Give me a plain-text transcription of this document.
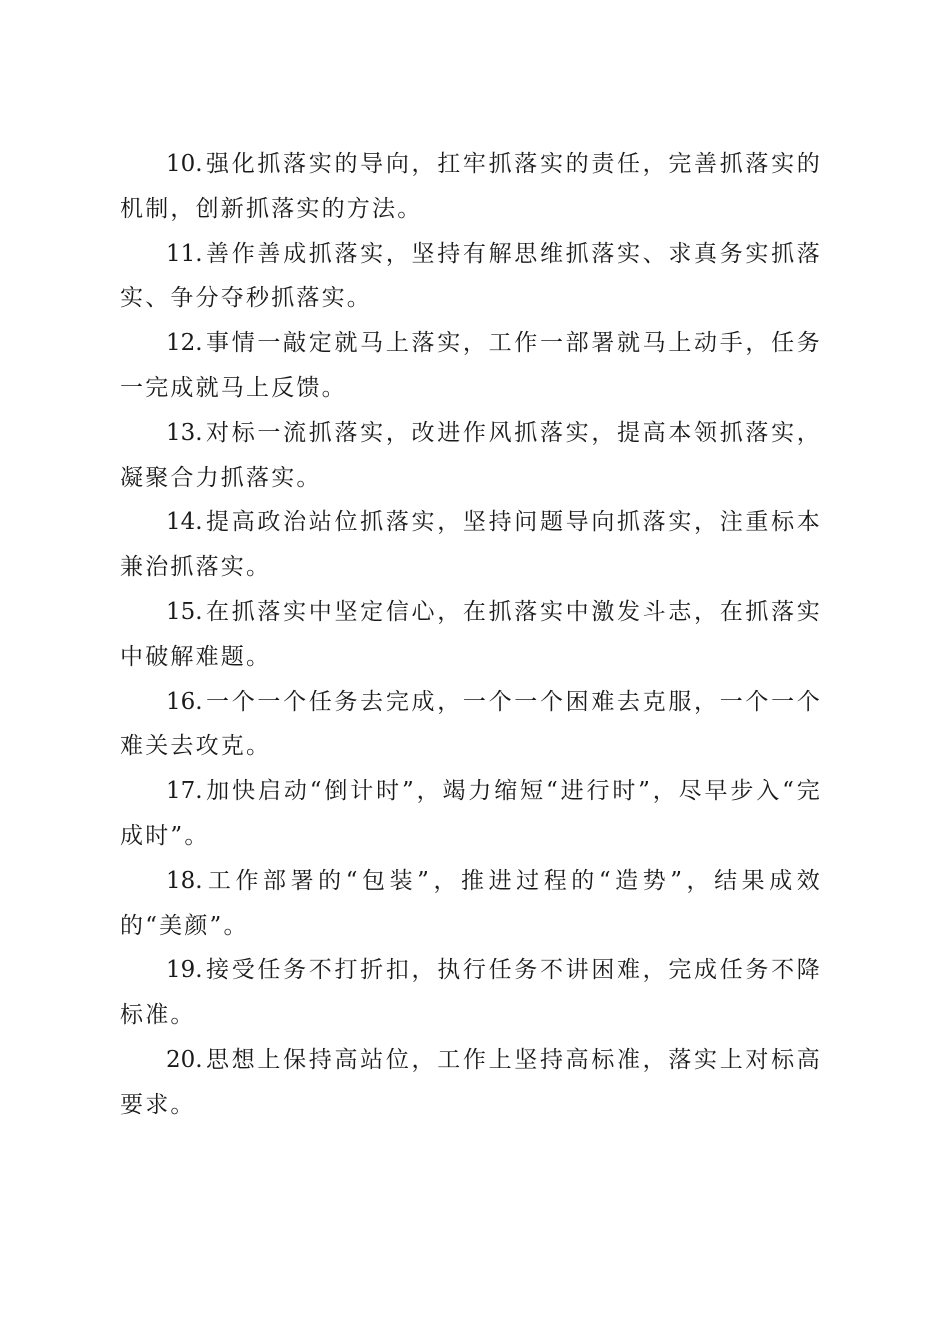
10. 强化抓落实的导向，扛牢抓落实的责任，完善抓落实的机制，创新抓落实的方法。

11. 善作善成抓落实，坚持有解思维抓落实、求真务实抓落实、争分夺秒抓落实。

12. 事情一敲定就马上落实，工作一部署就马上动手，任务一完成就马上反馈。

13. 对标一流抓落实，改进作风抓落实，提高本领抓落实，凝聚合力抓落实。

14. 提高政治站位抓落实，坚持问题导向抓落实，注重标本兼治抓落实。

15. 在抓落实中坚定信心，在抓落实中激发斗志，在抓落实中破解难题。

16. 一个一个任务去完成，一个一个困难去克服，一个一个难关去攻克。

17. 加快启动“倒计时”，竭力缩短“进行时”，尽早步入“完成时”。

18. 工作部署的“包装”，推进过程的“造势”，结果成效的“美颜”。

19. 接受任务不打折扣，执行任务不讲困难，完成任务不降标准。

20. 思想上保持高站位，工作上坚持高标准，落实上对标高要求。
